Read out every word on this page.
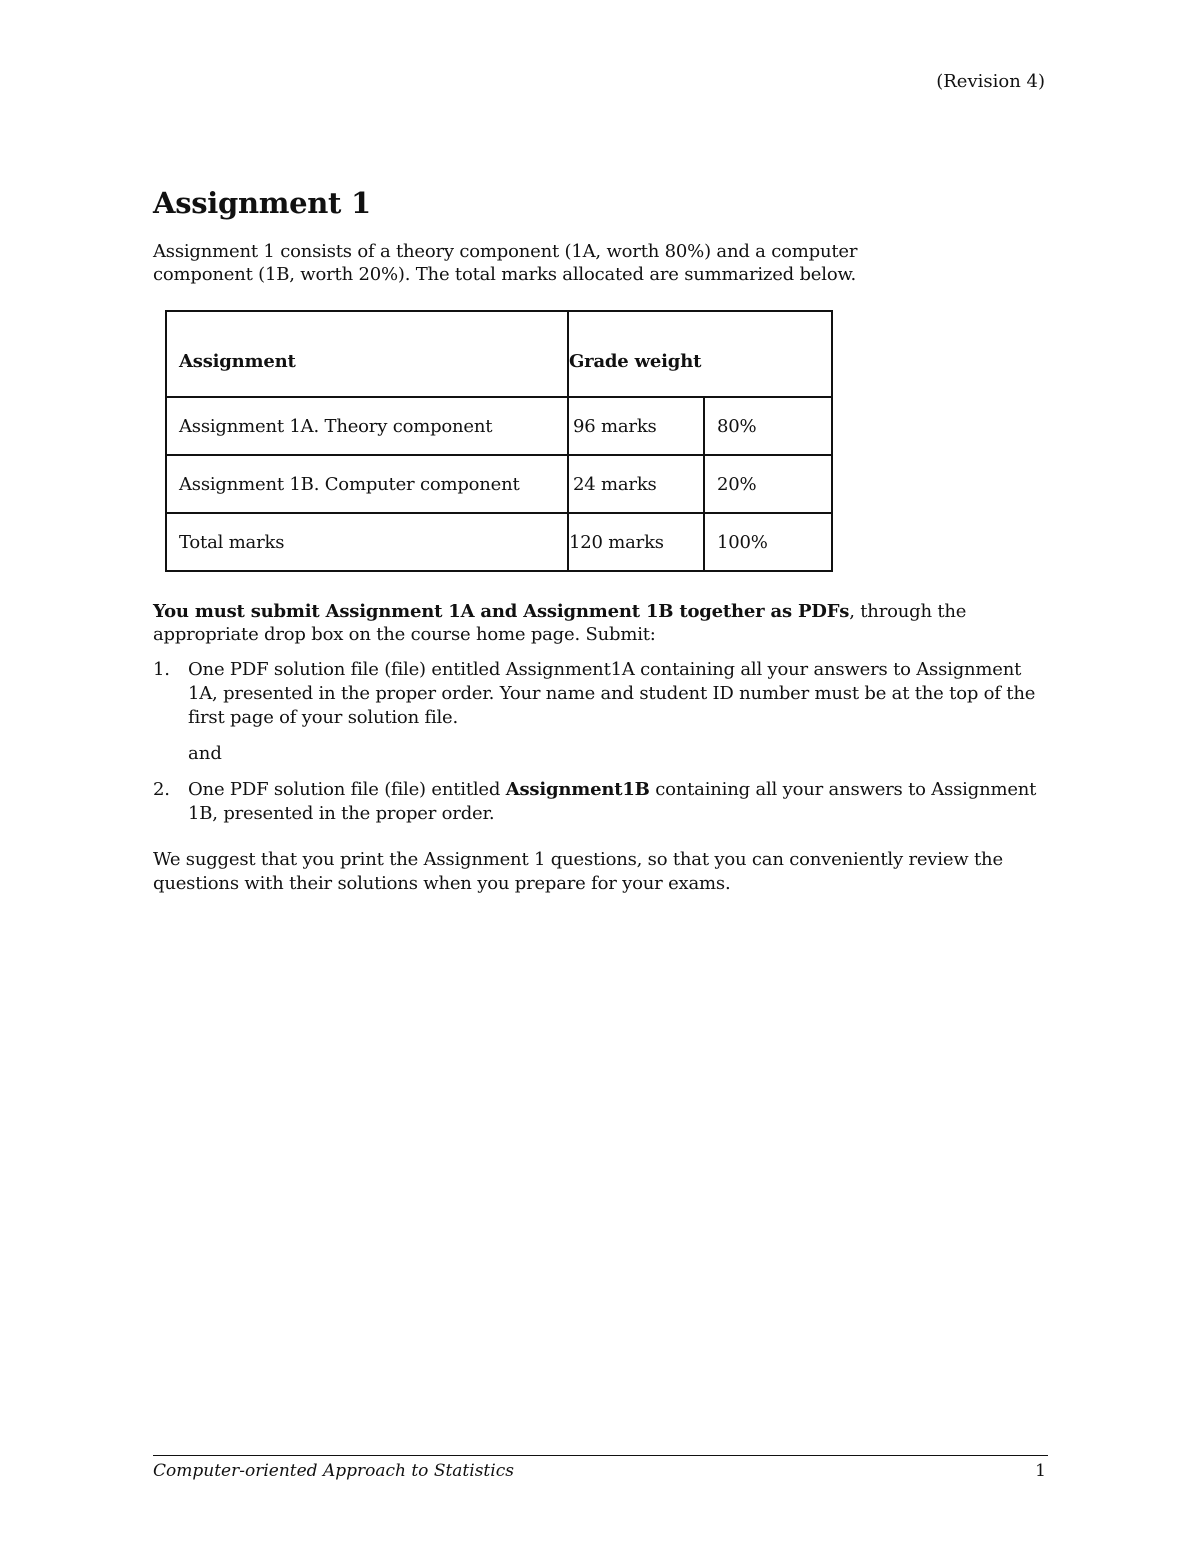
(Revision 4)
Assignment 1

Assignment 1 consists of a theory component (1A, worth 80%) and a computer component (1B, worth 20%). The total marks allocated are summarized below.

Assignment	Grade weight	
Assignment 1A. Theory component	96 marks	80%
Assignment 1B. Computer component	24 marks	20%
Total marks	120 marks	100%

You must submit Assignment 1A and Assignment 1B together as PDFs, through the appropriate drop box on the course home page. Submit:

1. One PDF solution file (file) entitled Assignment1A containing all your answers to Assignment 1A, presented in the proper order. Your name and student ID number must be at the top of the first page of your solution file.
and
2. One PDF solution file (file) entitled Assignment1B containing all your answers to Assignment 1B, presented in the proper order.

We suggest that you print the Assignment 1 questions, so that you can conveniently review the questions with their solutions when you prepare for your exams.

Computer-oriented Approach to Statistics	1
